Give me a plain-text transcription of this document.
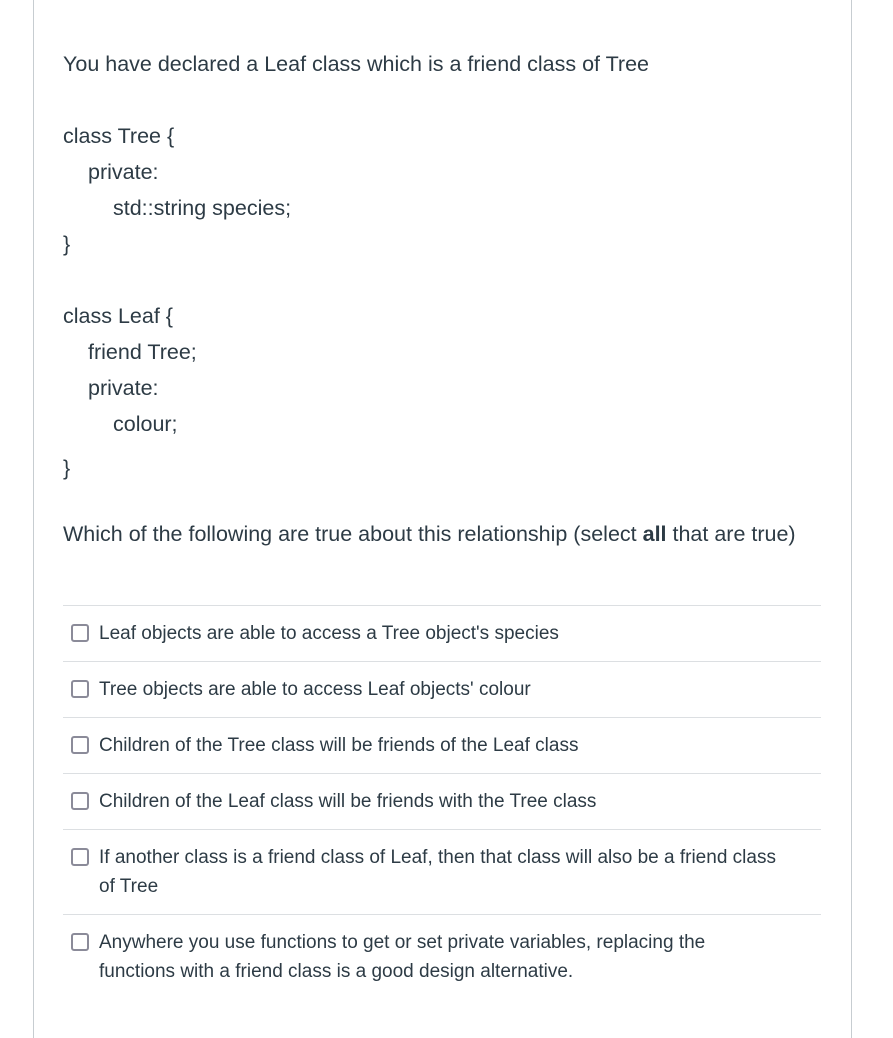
You have declared a Leaf class which is a friend class of Tree

class Tree {

private:

std::string species;

}

class Leaf {

friend Tree;

private:

colour;

}

Which of the following are true about this relationship (select all that are true)

Leaf objects are able to access a Tree object's species
Tree objects are able to access Leaf objects' colour
Children of the Tree class will be friends of the Leaf class
Children of the Leaf class will be friends with the Tree class
If another class is a friend class of Leaf, then that class will also be a friend class of Tree
Anywhere you use functions to get or set private variables, replacing the functions with a friend class is a good design alternative.
